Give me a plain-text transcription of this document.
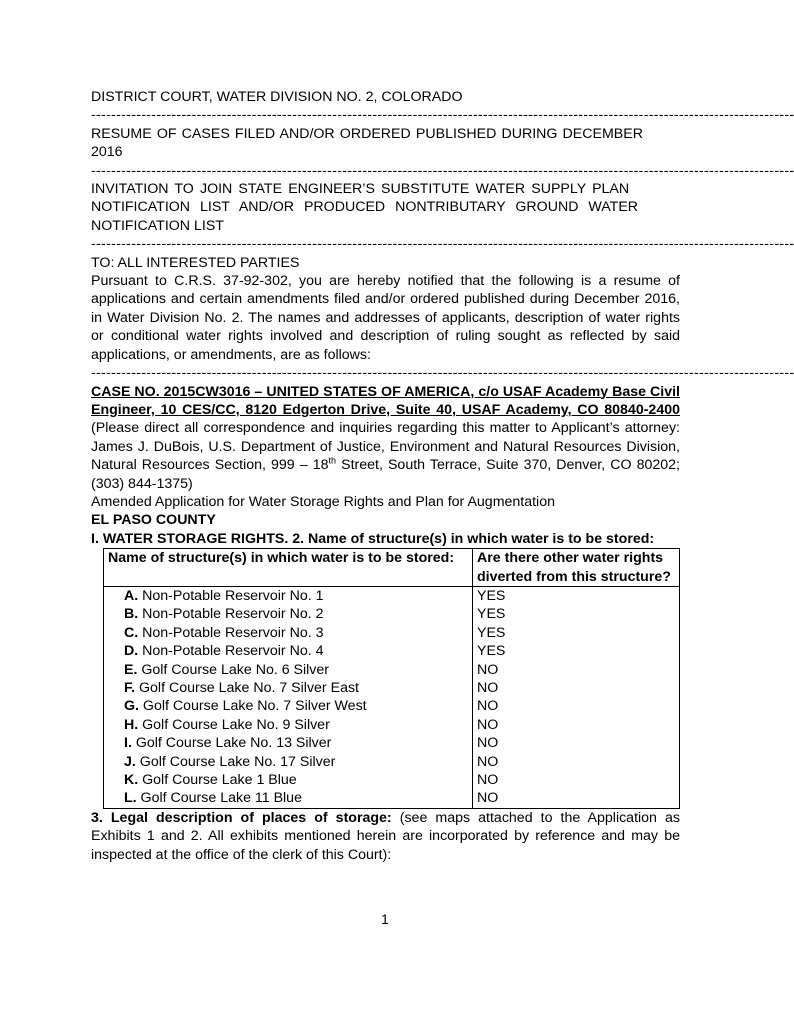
DISTRICT COURT, WATER DIVISION NO. 2, COLORADO
--------------------------------------------------------------------------------------------------------------------------------------------
RESUME OF CASES FILED AND/OR ORDERED PUBLISHED DURING DECEMBER
2016
--------------------------------------------------------------------------------------------------------------------------------------------
INVITATION TO JOIN STATE ENGINEER’S SUBSTITUTE WATER SUPPLY PLAN
NOTIFICATION LIST AND/OR PRODUCED NONTRIBUTARY GROUND WATER
NOTIFICATION LIST
--------------------------------------------------------------------------------------------------------------------------------------------
TO: ALL INTERESTED PARTIES
Pursuant to C.R.S. 37-92-302, you are hereby notified that the following is a resume of applications and certain amendments filed and/or ordered published during December 2016, in Water Division No. 2. The names and addresses of applicants, description of water rights or conditional water rights involved and description of ruling sought as reflected by said applications, or amendments, are as follows:
--------------------------------------------------------------------------------------------------------------------------------------------
CASE NO. 2015CW3016 – UNITED STATES OF AMERICA, c/o USAF Academy Base Civil Engineer, 10 CES/CC, 8120 Edgerton Drive, Suite 40, USAF Academy, CO 80840-2400 (Please direct all correspondence and inquiries regarding this matter to Applicant’s attorney: James J. DuBois, U.S. Department of Justice, Environment and Natural Resources Division, Natural Resources Section, 999 – 18th Street, South Terrace, Suite 370, Denver, CO 80202; (303) 844-1375)
Amended Application for Water Storage Rights and Plan for Augmentation
EL PASO COUNTY
I. WATER STORAGE RIGHTS. 2. Name of structure(s) in which water is to be stored:
Name of structure(s) in which water is to be stored:	Are there other water rights diverted from this structure?
A. Non-Potable Reservoir No. 1	YES
B. Non-Potable Reservoir No. 2	YES
C. Non-Potable Reservoir No. 3	YES
D. Non-Potable Reservoir No. 4	YES
E. Golf Course Lake No. 6 Silver	NO
F. Golf Course Lake No. 7 Silver East	NO
G. Golf Course Lake No. 7 Silver West	NO
H. Golf Course Lake No. 9 Silver	NO
I. Golf Course Lake No. 13 Silver	NO
J. Golf Course Lake No. 17 Silver	NO
K. Golf Course Lake 1 Blue	NO
L. Golf Course Lake 11 Blue	NO
3. Legal description of places of storage: (see maps attached to the Application as Exhibits 1 and 2. All exhibits mentioned herein are incorporated by reference and may be inspected at the office of the clerk of this Court):
1
